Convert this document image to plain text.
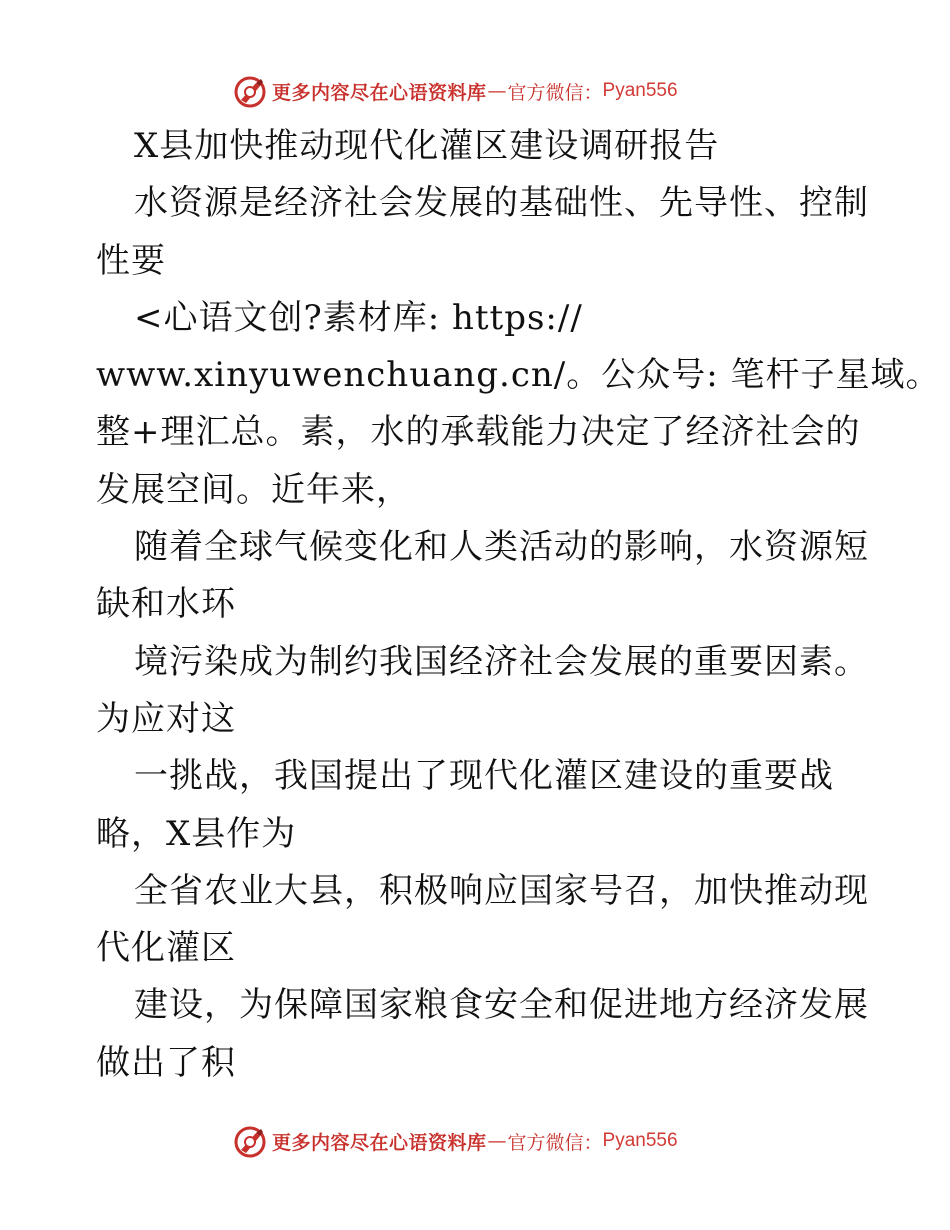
更多内容尽在心语资料库 — 官方微信： Pyan556
X县加快推动现代化灌区建设调研报告
水资源是经济社会发展的基础性、先导性、控制
性要
<心语文创?素材库: https://
www.xinyuwenchuang.cn/。公众号: 笔杆子星域。
整+理汇总。素，水的承载能力决定了经济社会的
发展空间。近年来，
随着全球气候变化和人类活动的影响，水资源短
缺和水环
境污染成为制约我国经济社会发展的重要因素。
为应对这
一挑战，我国提出了现代化灌区建设的重要战
略，X县作为
全省农业大县，积极响应国家号召，加快推动现
代化灌区
建设，为保障国家粮食安全和促进地方经济发展
做出了积
更多内容尽在心语资料库 — 官方微信： Pyan556
